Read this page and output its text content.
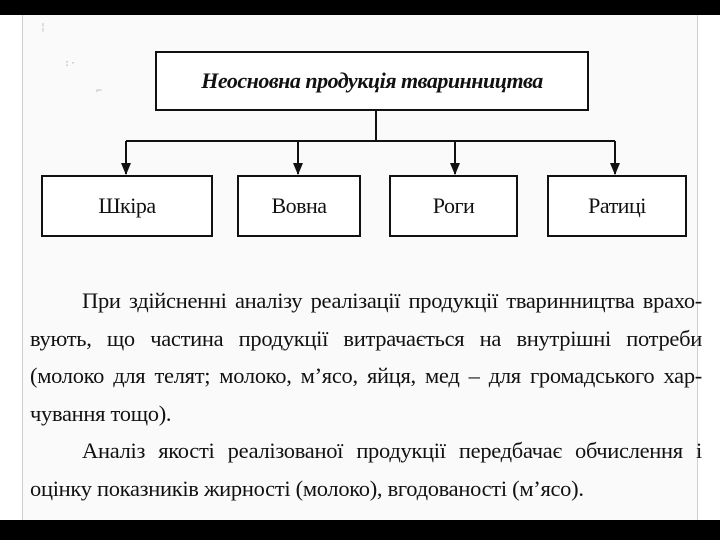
¦
:·
⌐	Неосновна продукція тваринництва
Шкіра	Вовна	Роги	Ратиці
При здійсненні аналізу реалізації продукції тваринництва врахо-
вують, що частина продукції витрачається на внутрішні потреби
(молоко для телят; молоко, м’ясо, яйця, мед – для громадського хар-
чування тощо).
Аналіз якості реалізованої продукції передбачає обчислення і
оцінку показників жирності (молоко), вгодованості (м’ясо).
